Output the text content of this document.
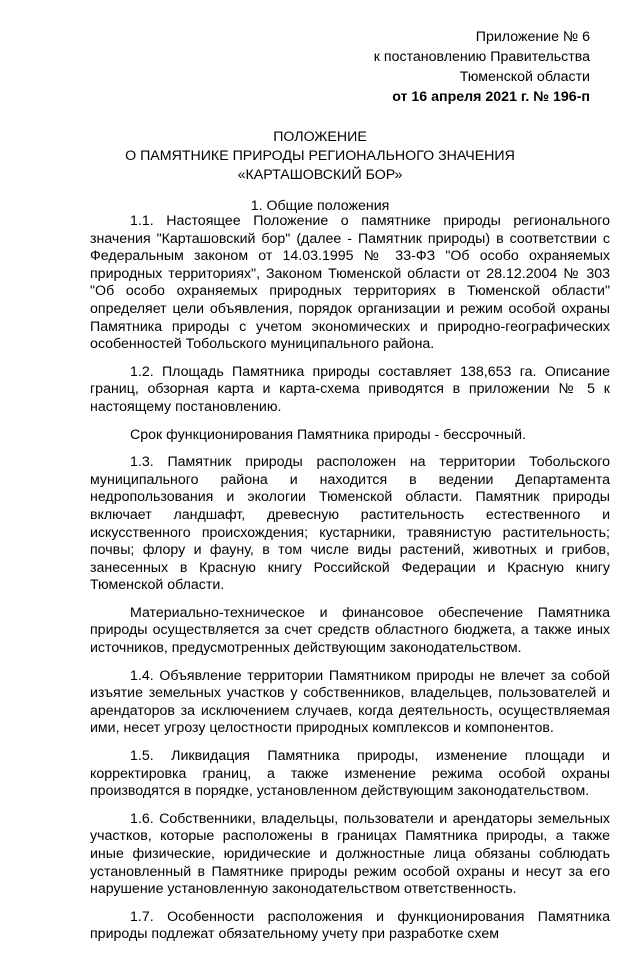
Приложение № 6
к постановлению Правительства
Тюменской области
от 16 апреля 2021 г. № 196-п
ПОЛОЖЕНИЕ
О ПАМЯТНИКЕ ПРИРОДЫ РЕГИОНАЛЬНОГО ЗНАЧЕНИЯ
«КАРТАШОВСКИЙ БОР»
1. Общие положения

1.1. Настоящее Положение о памятнике природы регионального значения "Карташовский бор" (далее - Памятник природы) в соответствии с Федеральным законом от 14.03.1995 № 33-ФЗ "Об особо охраняемых природных территориях", Законом Тюменской области от 28.12.2004 № 303 "Об особо охраняемых природных территориях в Тюменской области" определяет цели объявления, порядок организации и режим особой охраны Памятника природы с учетом экономических и природно-географических особенностей Тобольского муниципального района.

1.2. Площадь Памятника природы составляет 138,653 га. Описание границ, обзорная карта и карта-схема приводятся в приложении № 5 к настоящему постановлению.

Срок функционирования Памятника природы - бессрочный.

1.3. Памятник природы расположен на территории Тобольского муниципального района и находится в ведении Департамента недропользования и экологии Тюменской области. Памятник природы включает ландшафт, древесную растительность естественного и искусственного происхождения; кустарники, травянистую растительность; почвы; флору и фауну, в том числе виды растений, животных и грибов, занесенных в Красную книгу Российской Федерации и Красную книгу Тюменской области.

Материально-техническое и финансовое обеспечение Памятника природы осуществляется за счет средств областного бюджета, а также иных источников, предусмотренных действующим законодательством.

1.4. Объявление территории Памятником природы не влечет за собой изъятие земельных участков у собственников, владельцев, пользователей и арендаторов за исключением случаев, когда деятельность, осуществляемая ими, несет угрозу целостности природных комплексов и компонентов.

1.5. Ликвидация Памятника природы, изменение площади и корректировка границ, а также изменение режима особой охраны производятся в порядке, установленном действующим законодательством.

1.6. Собственники, владельцы, пользователи и арендаторы земельных участков, которые расположены в границах Памятника природы, а также иные физические, юридические и должностные лица обязаны соблюдать установленный в Памятнике природы режим особой охраны и несут за его нарушение установленную законодательством ответственность.

1.7. Особенности расположения и функционирования Памятника природы подлежат обязательному учету при разработке схем
